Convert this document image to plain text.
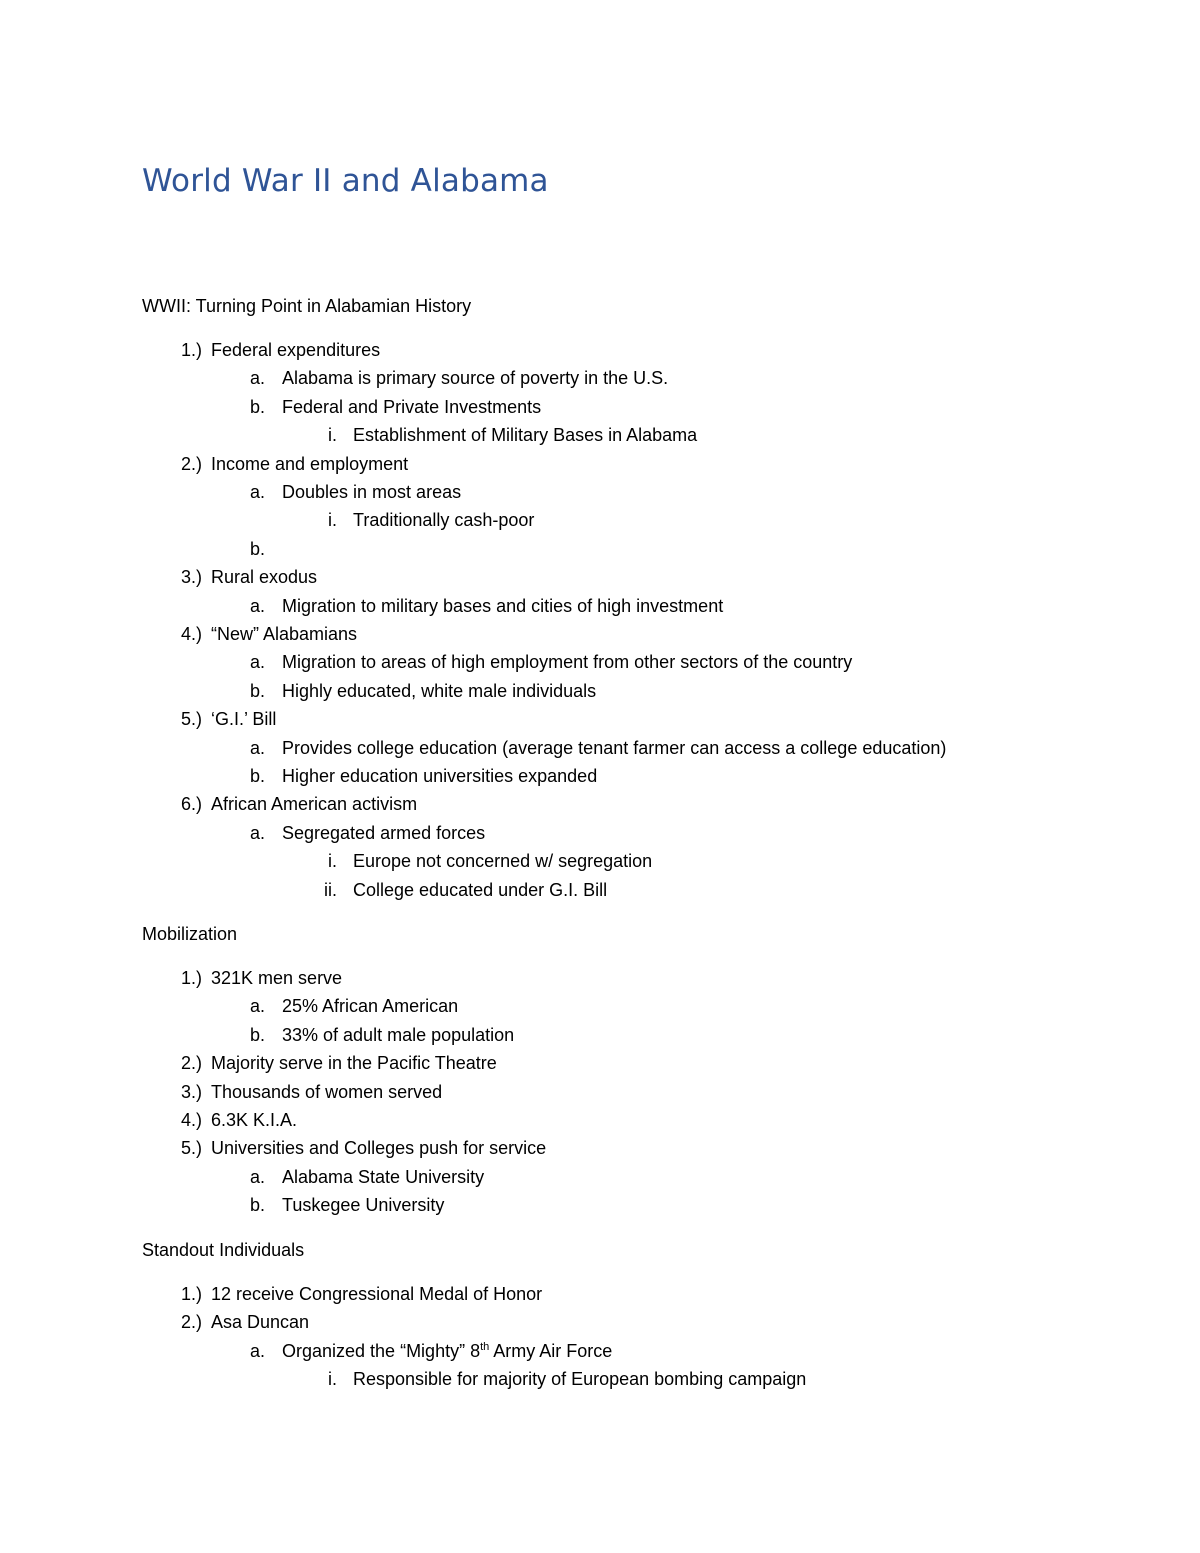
World War II and Alabama
WWII: Turning Point in Alabamian History
1.) Federal expenditures
a. Alabama is primary source of poverty in the U.S.
b. Federal and Private Investments
i. Establishment of Military Bases in Alabama
2.) Income and employment
a. Doubles in most areas
i. Traditionally cash-poor
b.
3.) Rural exodus
a. Migration to military bases and cities of high investment
4.) “New” Alabamians
a. Migration to areas of high employment from other sectors of the country
b. Highly educated, white male individuals
5.) ‘G.I.’ Bill
a. Provides college education (average tenant farmer can access a college education)
b. Higher education universities expanded
6.) African American activism
a. Segregated armed forces
i. Europe not concerned w/ segregation
ii. College educated under G.I. Bill
Mobilization
1.) 321K men serve
a. 25% African American
b. 33% of adult male population
2.) Majority serve in the Pacific Theatre
3.) Thousands of women served
4.) 6.3K K.I.A.
5.) Universities and Colleges push for service
a. Alabama State University
b. Tuskegee University
Standout Individuals
1.) 12 receive Congressional Medal of Honor
2.) Asa Duncan
a. Organized the “Mighty” 8th Army Air Force
i. Responsible for majority of European bombing campaign
